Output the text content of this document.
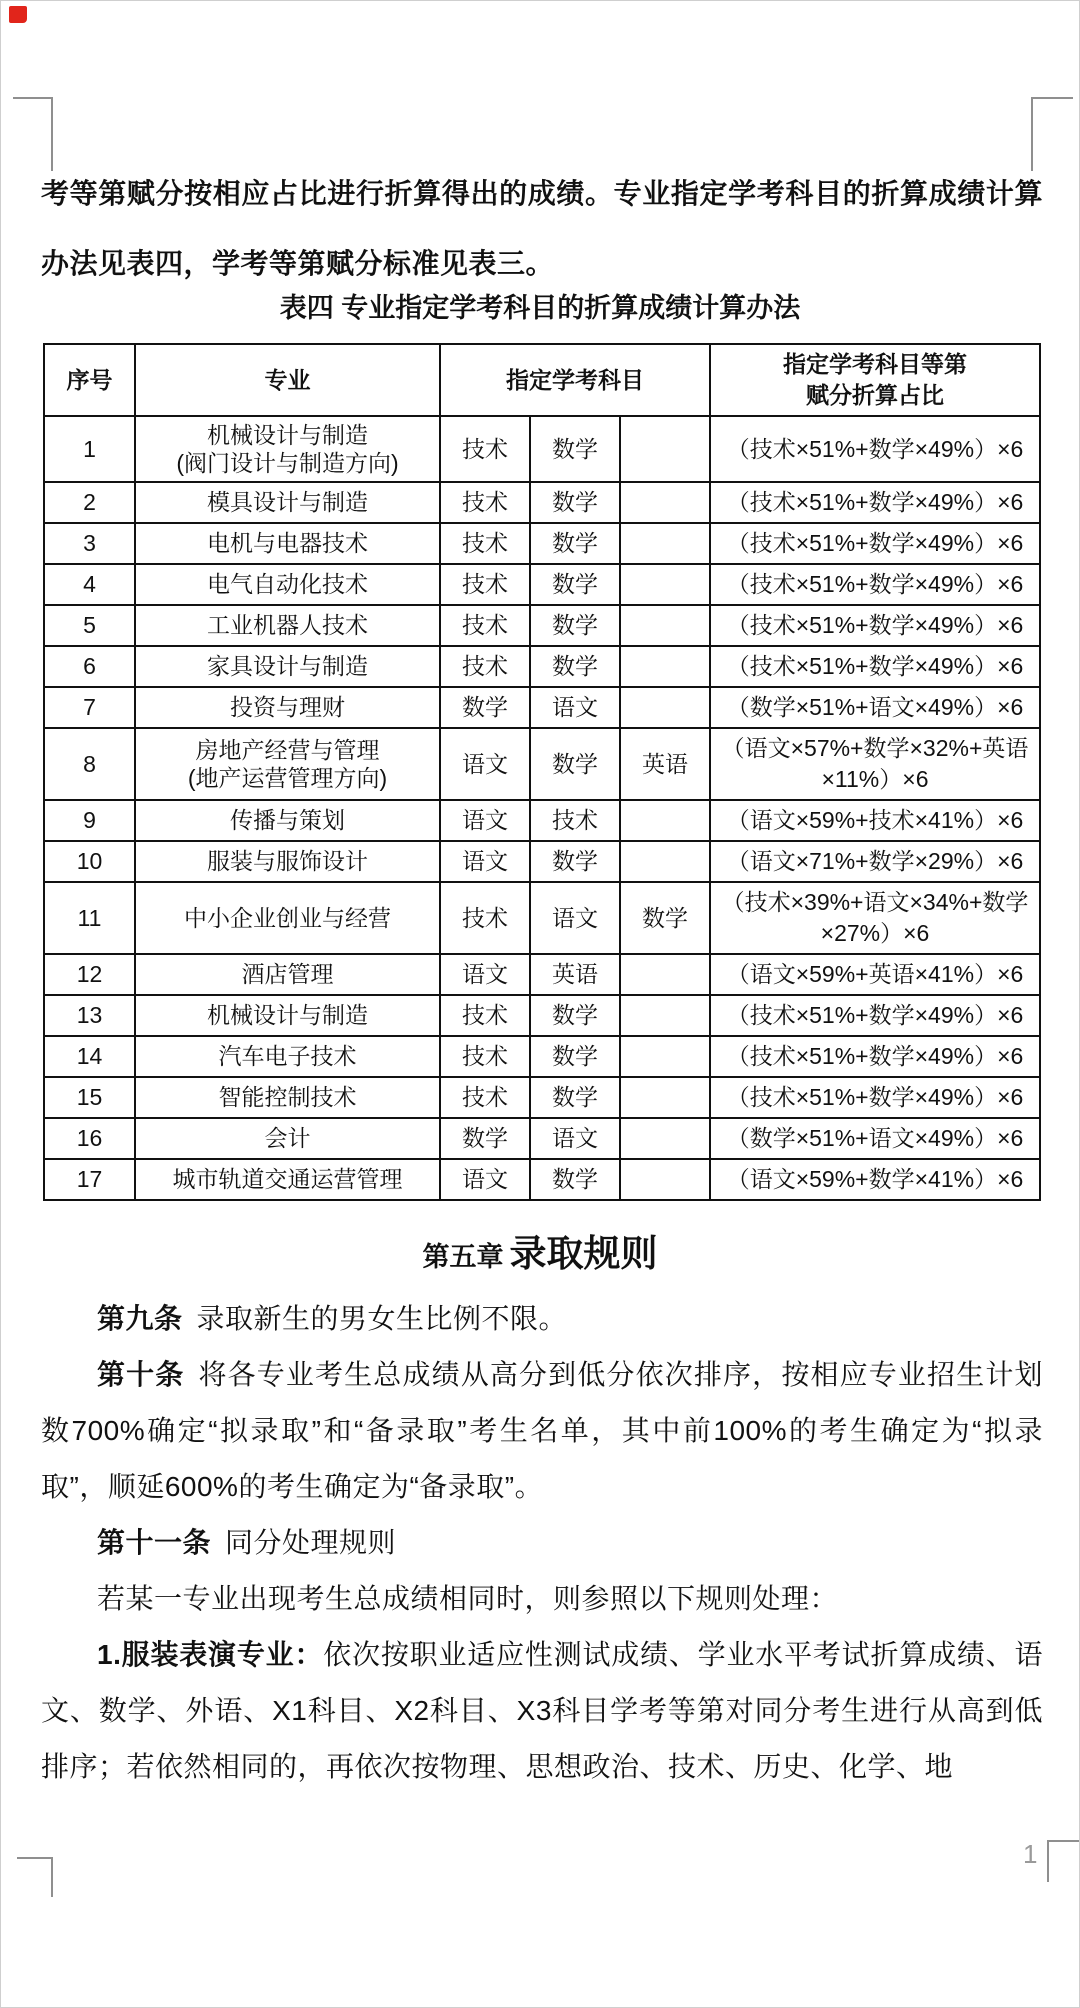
考等第赋分按相应占比进行折算得出的成绩。专业指定学考科目的折算成绩计算办法见表四，学考等第赋分标准见表三。

表四 专业指定学考科目的折算成绩计算办法

序号	专业	指定学考科目			指定学考科目等第
赋分折算占比

1	机械设计与制造
(阀门设计与制造方向)	技术	数学		（技术×51%+数学×49%）×6
2	模具设计与制造	技术	数学		（技术×51%+数学×49%）×6
3	电机与电器技术	技术	数学		（技术×51%+数学×49%）×6
4	电气自动化技术	技术	数学		（技术×51%+数学×49%）×6
5	工业机器人技术	技术	数学		（技术×51%+数学×49%）×6
6	家具设计与制造	技术	数学		（技术×51%+数学×49%）×6
7	投资与理财	数学	语文		（数学×51%+语文×49%）×6
8	房地产经营与管理
(地产运营管理方向)	语文	数学	英语	（语文×57%+数学×32%+英语×11%）×6
9	传播与策划	语文	技术		（语文×59%+技术×41%）×6
10	服装与服饰设计	语文	数学		（语文×71%+数学×29%）×6
11	中小企业创业与经营	技术	语文	数学	（技术×39%+语文×34%+数学×27%）×6
12	酒店管理	语文	英语		（语文×59%+英语×41%）×6
13	机械设计与制造	技术	数学		（技术×51%+数学×49%）×6
14	汽车电子技术	技术	数学		（技术×51%+数学×49%）×6
15	智能控制技术	技术	数学		（技术×51%+数学×49%）×6
16	会计	数学	语文		（数学×51%+语文×49%）×6
17	城市轨道交通运营管理	语文	数学		（语文×59%+数学×41%）×6

第五章 录取规则

第九条 录取新生的男女生比例不限。

第十条 将各专业考生总成绩从高分到低分依次排序，按相应专业招生计划数700%确定“拟录取”和“备录取”考生名单，其中前100%的考生确定为“拟录取”，顺延600%的考生确定为“备录取”。

第十一条 同分处理规则

若某一专业出现考生总成绩相同时，则参照以下规则处理：

1.服装表演专业：依次按职业适应性测试成绩、学业水平考试折算成绩、语文、数学、外语、X1科目、X2科目、X3科目学考等第对同分考生进行从高到低排序；若依然相同的，再依次按物理、思想政治、技术、历史、化学、地

1
